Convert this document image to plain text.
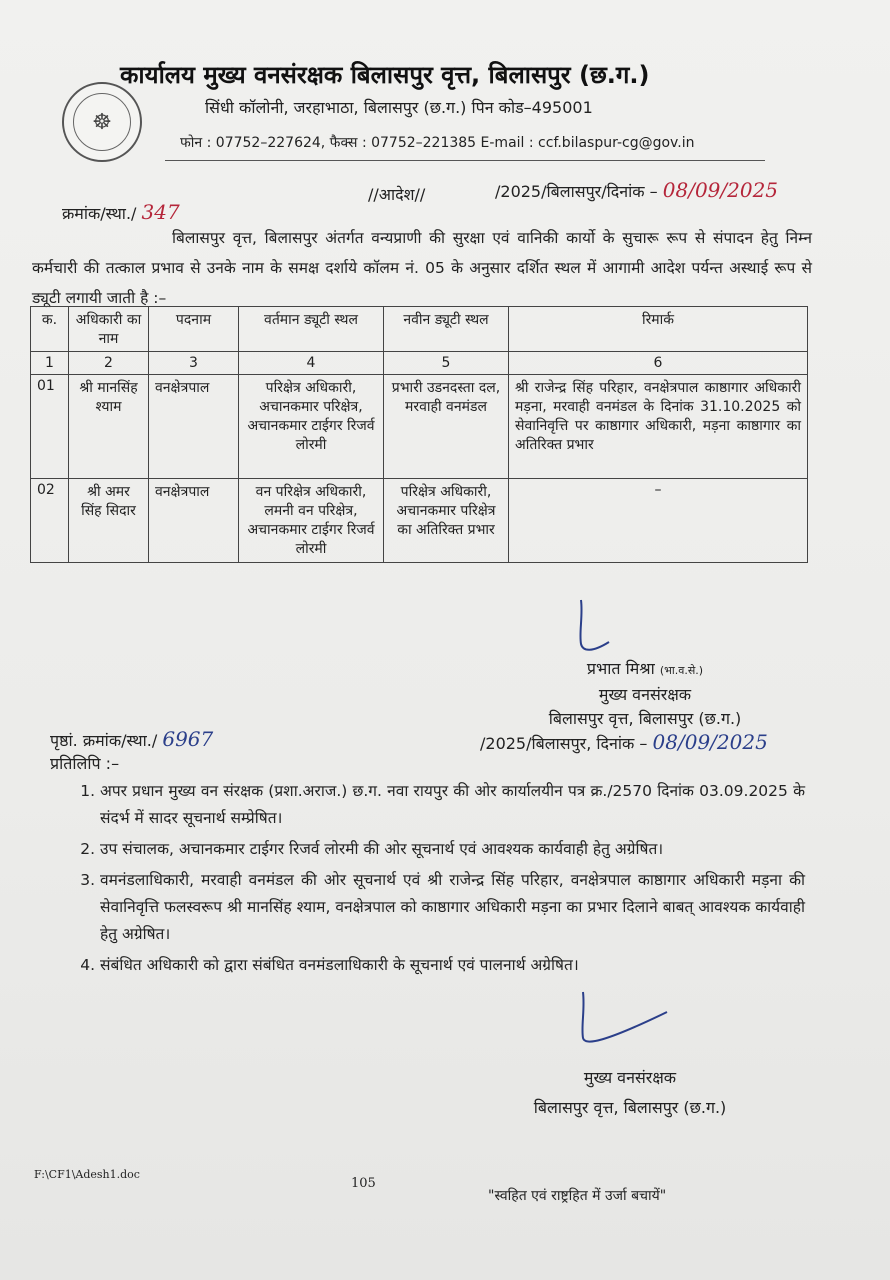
☸
कार्यालय मुख्य वनसंरक्षक बिलासपुर वृत्त, बिलासपुर (छ.ग.)
सिंधी कॉलोनी, जरहाभाठा, बिलासपुर (छ.ग.) पिन कोड–495001
फोन : 07752–227624, फैक्स : 07752–221385 E-mail : ccf.bilaspur-cg@gov.in
//आदेश//
क्रमांक/स्था./ 347
/2025/बिलासपुर/दिनांक – 08/09/2025

बिलासपुर वृत्त, बिलासपुर अंतर्गत वन्यप्राणी की सुरक्षा एवं वानिकी कार्यो के सुचारू रूप से संपादन हेतु निम्न कर्मचारी की तत्काल प्रभाव से उनके नाम के समक्ष दर्शाये कॉलम नं. 05 के अनुसार दर्शित स्थल में आगामी आदेश पर्यन्त अस्थाई रूप से ड्यूटी लगायी जाती है :–

क.	अधिकारी का नाम	पदनाम	वर्तमान ड्यूटी स्थल	नवीन ड्यूटी स्थल	रिमार्क
1	2	3	4	5	6
01	श्री मानसिंह श्याम	वनक्षेत्रपाल	परिक्षेत्र अधिकारी, अचानकमार परिक्षेत्र, अचानकमार टाईगर रिजर्व लोरमी	प्रभारी उडनदस्ता दल, मरवाही वनमंडल	श्री राजेन्द्र सिंह परिहार, वनक्षेत्रपाल काष्ठागार अधिकारी मड़ना, मरवाही वनमंडल के दिनांक 31.10.2025 को सेवानिवृत्ति पर काष्ठागार अधिकारी, मड़ना काष्ठागार का अतिरिक्त प्रभार
02	श्री अमर सिंह सिदार	वनक्षेत्रपाल	वन परिक्षेत्र अधिकारी, लमनी वन परिक्षेत्र, अचानकमार टाईगर रिजर्व लोरमी	परिक्षेत्र अधिकारी, अचानकमार परिक्षेत्र का अतिरिक्त प्रभार	–
प्रभात मिश्रा (भा.व.से.)
मुख्य वनसंरक्षक
बिलासपुर वृत्त, बिलासपुर (छ.ग.)
पृष्ठां. क्रमांक/स्था./ 6967	/2025/बिलासपुर, दिनांक – 08/09/2025
प्रतिलिपि :–
1. अपर प्रधान मुख्य वन संरक्षक (प्रशा.अराज.) छ.ग. नवा रायपुर की ओर कार्यालयीन पत्र क्र./2570 दिनांक 03.09.2025 के संदर्भ में सादर सूचनार्थ सम्प्रेषित।
2. उप संचालक, अचानकमार टाईगर रिजर्व लोरमी की ओर सूचनार्थ एवं आवश्यक कार्यवाही हेतु अग्रेषित।
3. वमनंडलाधिकारी, मरवाही वनमंडल की ओर सूचनार्थ एवं श्री राजेन्द्र सिंह परिहार, वनक्षेत्रपाल काष्ठागार अधिकारी मड़ना की सेवानिवृत्ति फलस्वरूप श्री मानसिंह श्याम, वनक्षेत्रपाल को काष्ठागार अधिकारी मड़ना का प्रभार दिलाने बाबत् आवश्यक कार्यवाही हेतु अग्रेषित।
4. संबंधित अधिकारी को द्वारा संबंधित वनमंडलाधिकारी के सूचनार्थ एवं पालनार्थ अग्रेषित।
मुख्य वनसंरक्षक
बिलासपुर वृत्त, बिलासपुर (छ.ग.)
F:\CF1\Adesh1.doc
105
"स्वहित एवं राष्ट्रहित में उर्जा बचायें"
